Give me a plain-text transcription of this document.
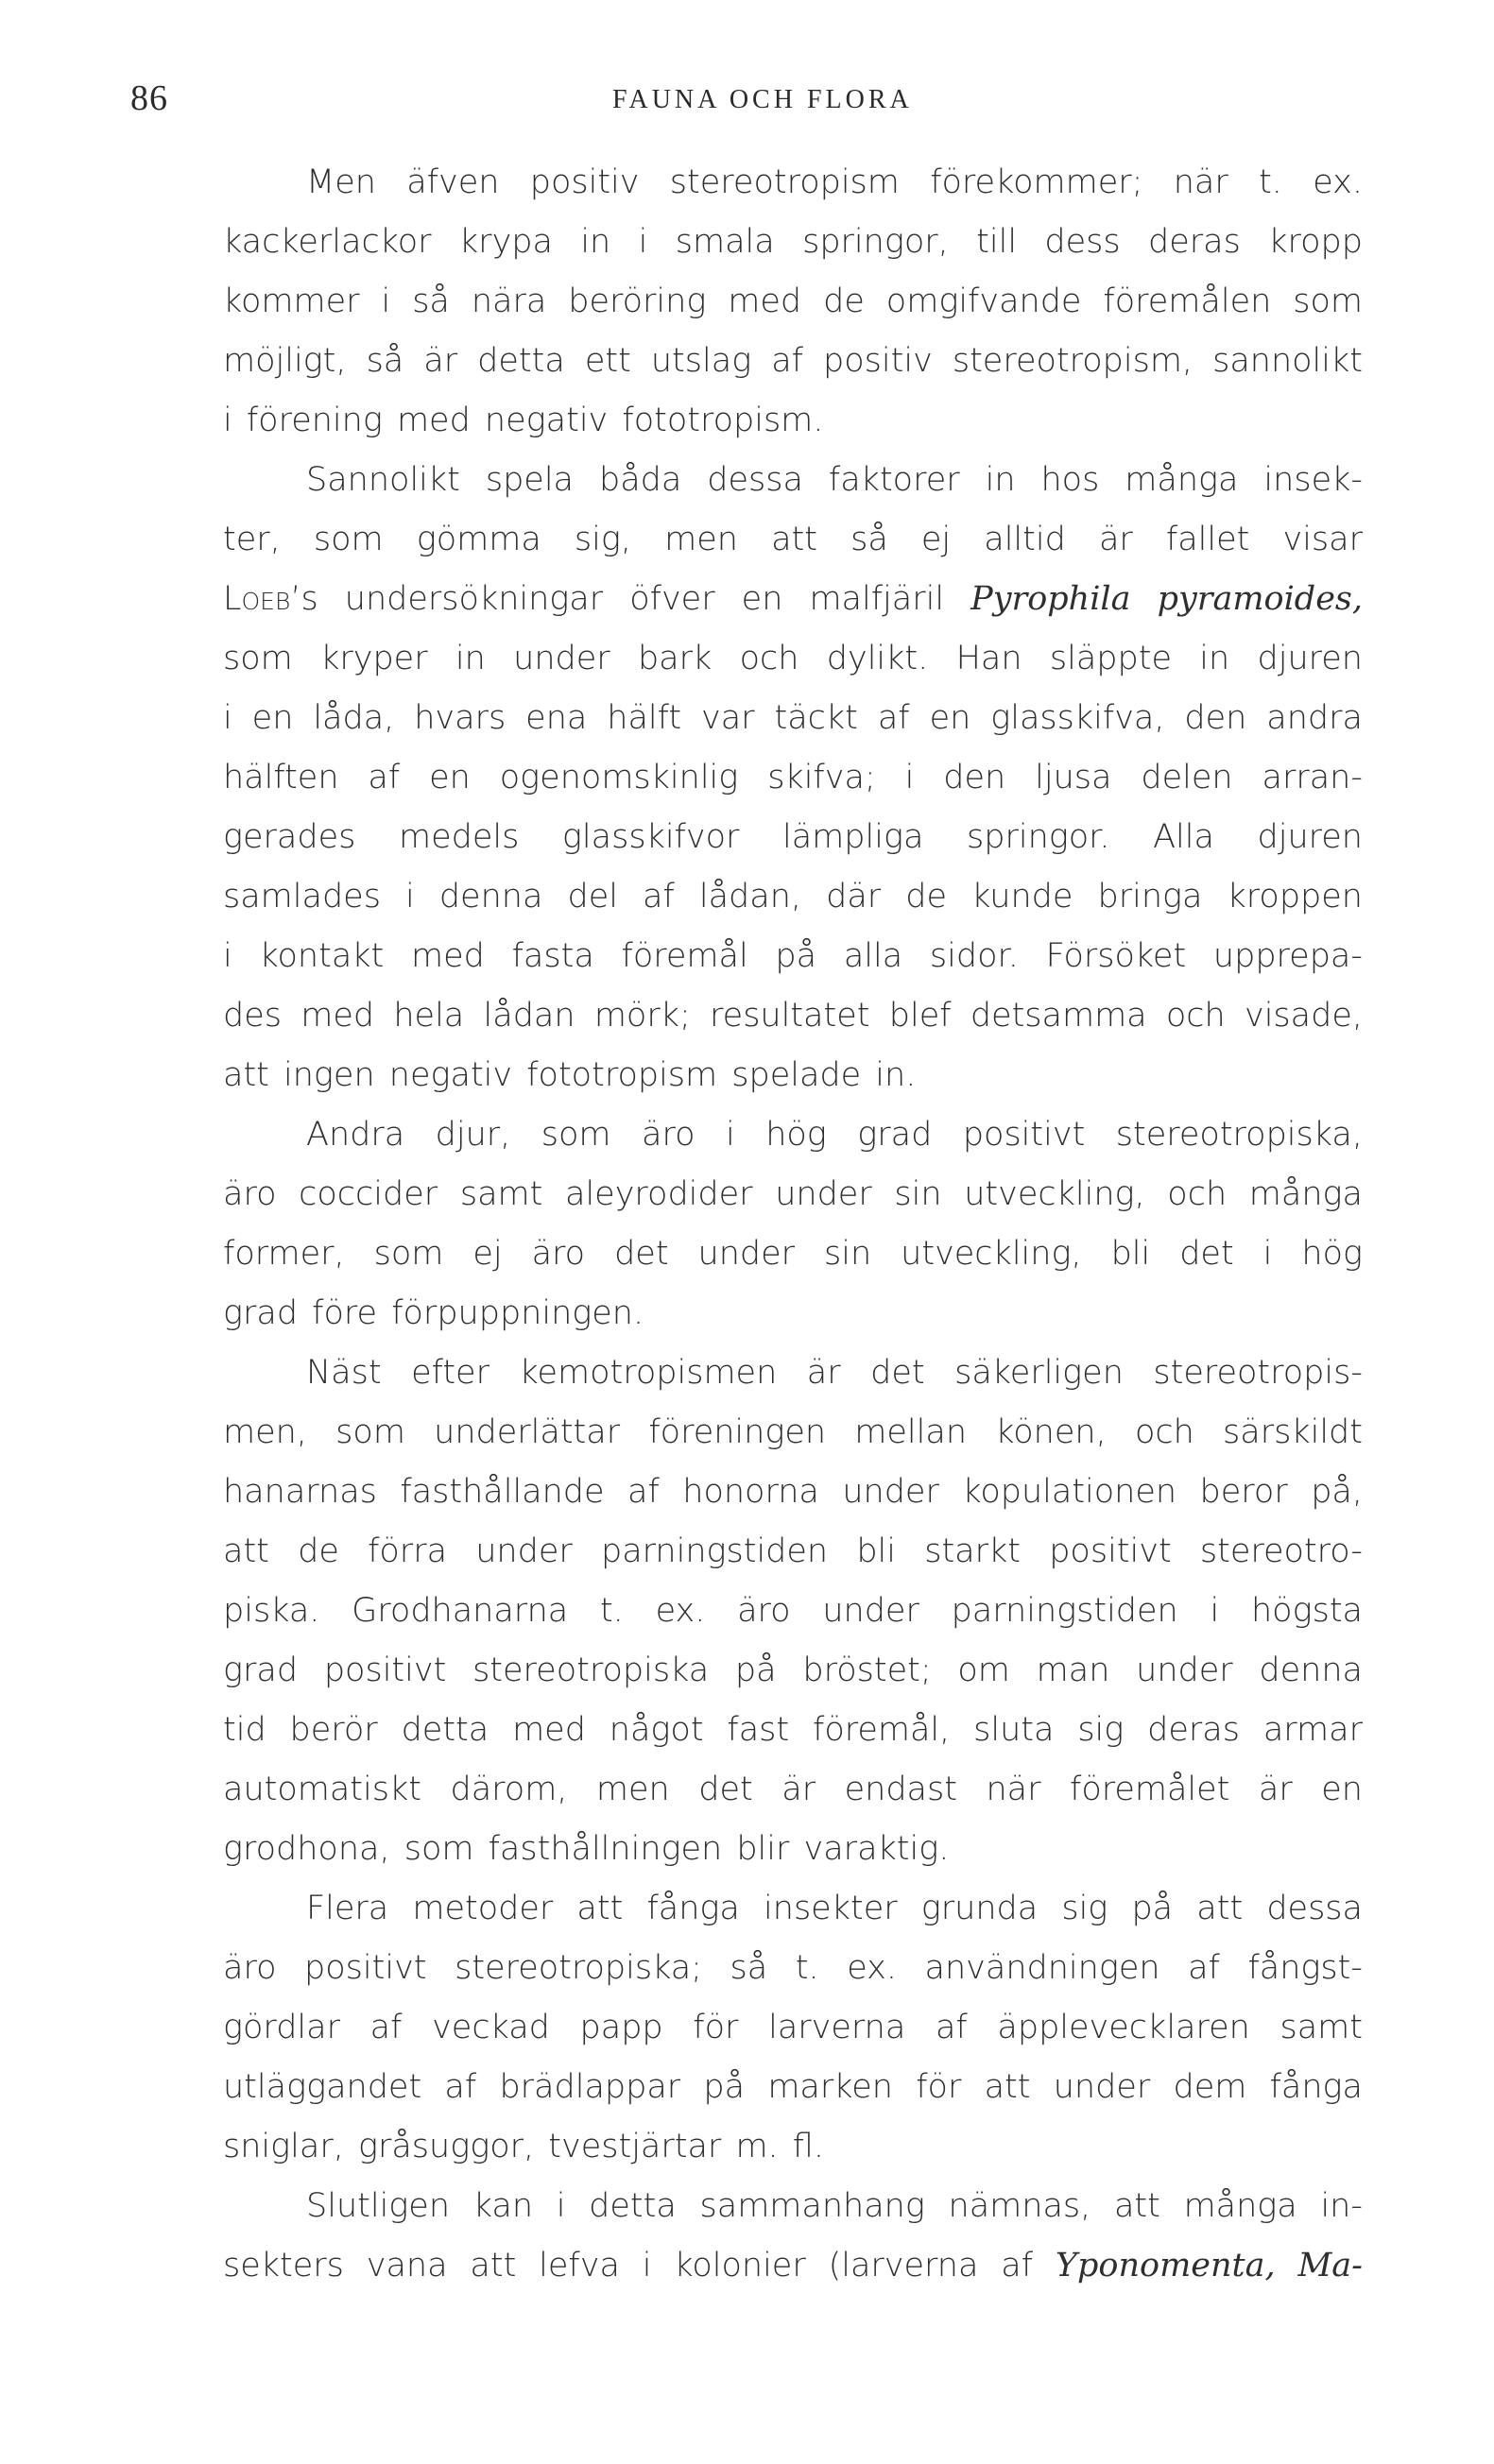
86	FAUNA OCH FLORA
Men äfven positiv stereotropism förekommer; när t. ex.
kackerlackor krypa in i smala springor, till dess deras kropp
kommer i så nära beröring med de omgifvande föremålen som
möjligt, så är detta ett utslag af positiv stereotropism, sannolikt
i förening med negativ fototropism.
Sannolikt spela båda dessa faktorer in hos många insek-
ter, som gömma sig, men att så ej alltid är fallet visar
Loeb’s undersökningar öfver en malfjäril Pyrophila pyramoides,
som kryper in under bark och dylikt. Han släppte in djuren
i en låda, hvars ena hälft var täckt af en glasskifva, den andra
hälften af en ogenomskinlig skifva; i den ljusa delen arran-
gerades medels glasskifvor lämpliga springor. Alla djuren
samlades i denna del af lådan, där de kunde bringa kroppen
i kontakt med fasta föremål på alla sidor. Försöket upprepa-
des med hela lådan mörk; resultatet blef detsamma och visade,
att ingen negativ fototropism spelade in.
Andra djur, som äro i hög grad positivt stereotropiska,
äro coccider samt aleyrodider under sin utveckling, och många
former, som ej äro det under sin utveckling, bli det i hög
grad före förpuppningen.
Näst efter kemotropismen är det säkerligen stereotropis-
men, som underlättar föreningen mellan könen, och särskildt
hanarnas fasthållande af honorna under kopulationen beror på,
att de förra under parningstiden bli starkt positivt stereotro-
piska. Grodhanarna t. ex. äro under parningstiden i högsta
grad positivt stereotropiska på bröstet; om man under denna
tid berör detta med något fast föremål, sluta sig deras armar
automatiskt därom, men det är endast när föremålet är en
grodhona, som fasthållningen blir varaktig.
Flera metoder att fånga insekter grunda sig på att dessa
äro positivt stereotropiska; så t. ex. användningen af fångst-
gördlar af veckad papp för larverna af äpplevecklaren samt
utläggandet af brädlappar på marken för att under dem fånga
sniglar, gråsuggor, tvestjärtar m. fl.
Slutligen kan i detta sammanhang nämnas, att många in-
sekters vana att lefva i kolonier (larverna af Yponomenta, Ma-
